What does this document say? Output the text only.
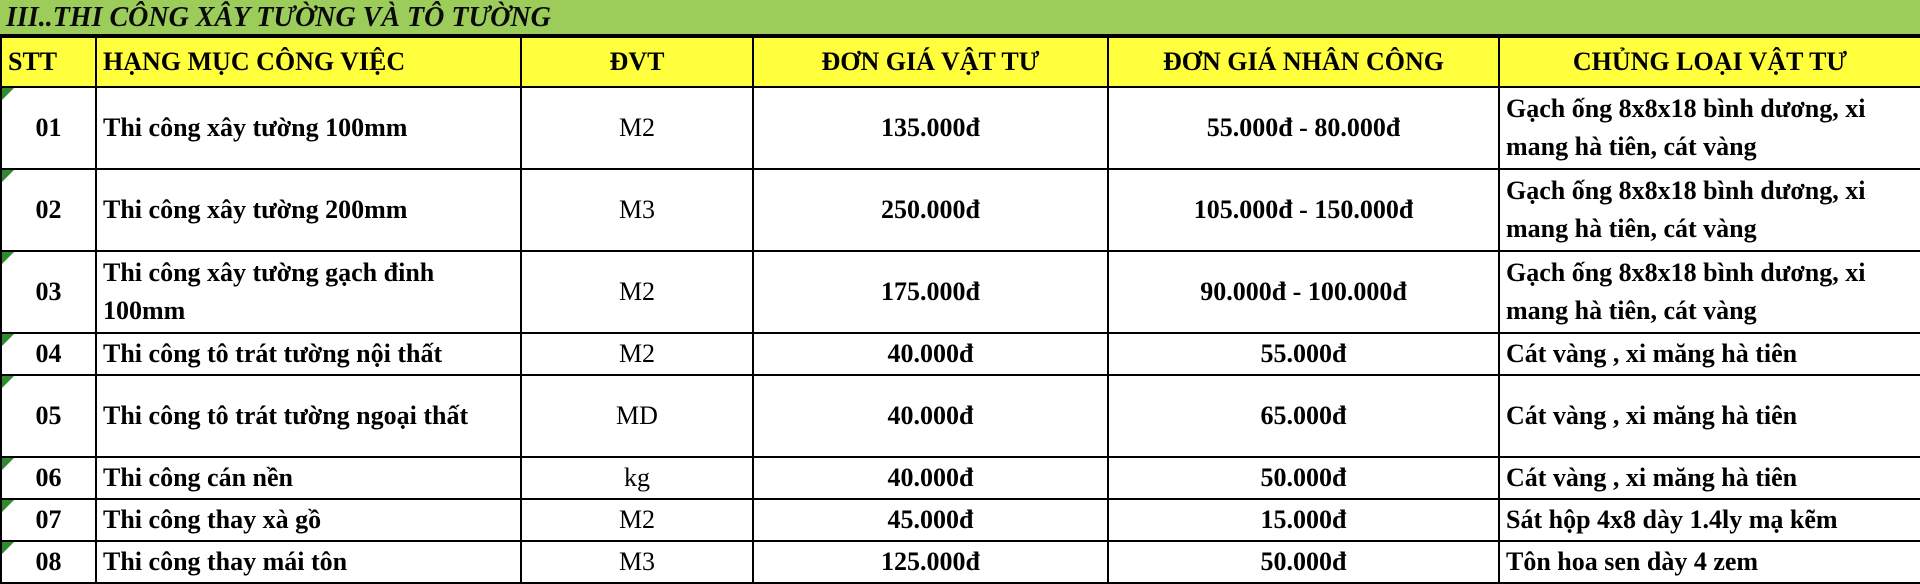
III..THI CÔNG XÂY TƯỜNG VÀ TÔ TƯỜNG
STT	HẠNG MỤC CÔNG VIỆC	ĐVT	ĐƠN GIÁ VẬT TƯ	ĐƠN GIÁ NHÂN CÔNG	CHỦNG LOẠI VẬT TƯ
01	Thi công xây tường 100mm	M2	135.000đ	55.000đ - 80.000đ	Gạch ống 8x8x18 bình dương, xi mang hà tiên, cát vàng
02	Thi công xây tường 200mm	M3	250.000đ	105.000đ - 150.000đ	Gạch ống 8x8x18 bình dương, xi mang hà tiên, cát vàng
03	Thi công xây tường gạch đinh 100mm	M2	175.000đ	90.000đ - 100.000đ	Gạch ống 8x8x18 bình dương, xi mang hà tiên, cát vàng
04	Thi công tô trát tường nội thất	M2	40.000đ	55.000đ	Cát vàng , xi măng hà tiên
05	Thi công tô trát tường ngoại thất	MD	40.000đ	65.000đ	Cát vàng , xi măng hà tiên
06	Thi công cán nền	kg	40.000đ	50.000đ	Cát vàng , xi măng hà tiên
07	Thi công thay xà gồ	M2	45.000đ	15.000đ	Sát hộp 4x8 dày 1.4ly mạ kẽm
08	Thi công thay mái tôn	M3	125.000đ	50.000đ	Tôn hoa sen dày 4 zem
